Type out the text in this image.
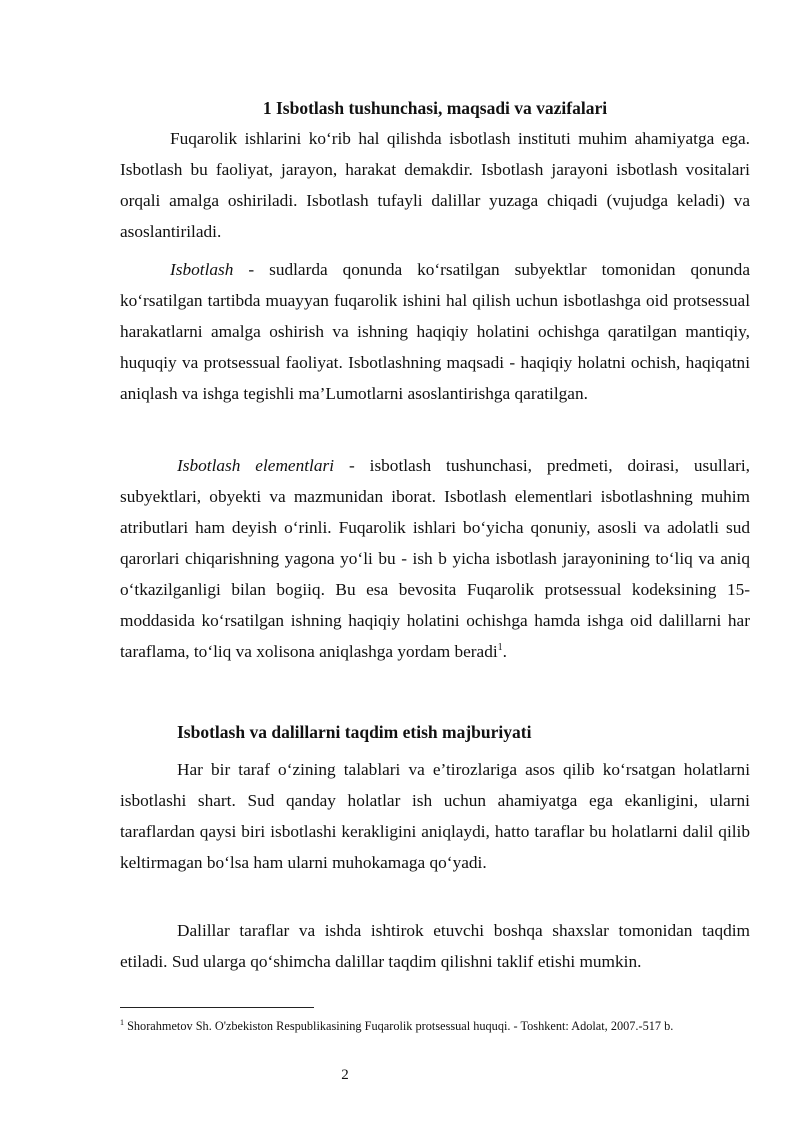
1 Isbotlash tushunchasi, maqsadi va vazifalari

Fuqarolik ishlarini ko‘rib hal qilishda isbotlash instituti muhim ahamiyatga ega. Isbotlash bu faoliyat, jarayon, harakat demakdir. Isbotlash jarayoni isbotlash vositalari orqali amalga oshiriladi. Isbotlash tufayli dalillar yuzaga chiqadi (vujudga keladi) va asoslantiriladi.

Isbotlash - sudlarda qonunda ko‘rsatilgan subyektlar tomonidan qonunda ko‘rsatilgan tartibda muayyan fuqarolik ishini hal qilish uchun isbotlashga oid protsessual harakatlarni amalga oshirish va ishning haqiqiy holatini ochishga qaratilgan mantiqiy, huquqiy va protsessual faoliyat. Isbotlashning maqsadi - haqiqiy holatni ochish, haqiqatni aniqlash va ishga tegishli ma’Lumotlarni asoslantirishga qaratilgan.

Isbotlash elementlari - isbotlash tushunchasi, predmeti, doirasi, usullari, subyektlari, obyekti va mazmunidan iborat. Isbotlash elementlari isbotlashning muhim atributlari ham deyish o‘rinli. Fuqarolik ishlari bo‘yicha qonuniy, asosli va adolatli sud qarorlari chiqarishning yagona yo‘li bu - ish b yicha isbotlash jarayonining to‘liq va aniq o‘tkazilganligi bilan bogiiq. Bu esa bevosita Fuqarolik protsessual kodeksining 15-moddasida ko‘rsatilgan ishning haqiqiy holatini ochishga hamda ishga oid dalillarni har taraflama, to‘liq va xolisona aniqlashga yordam beradi$^1$.

Isbotlash va dalillarni taqdim etish majburiyati

Har bir taraf o‘zining talablari va e’tirozlariga asos qilib ko‘rsatgan holatlarni isbotlashi shart. Sud qanday holatlar ish uchun ahamiyatga ega ekanligini, ularni taraflardan qaysi biri isbotlashi kerakligini aniqlaydi, hatto taraflar bu holatlarni dalil qilib keltirmagan bo‘lsa ham ularni muhokamaga qo‘yadi.

Dalillar taraflar va ishda ishtirok etuvchi boshqa shaxslar tomonidan taqdim etiladi. Sud ularga qo‘shimcha dalillar taqdim qilishni taklif etishi mumkin.

$^1$ Shorahmetov Sh. O'zbekiston Respublikasining Fuqarolik protsessual huquqi. - Toshkent: Adolat, 2007.-517 b.

2
